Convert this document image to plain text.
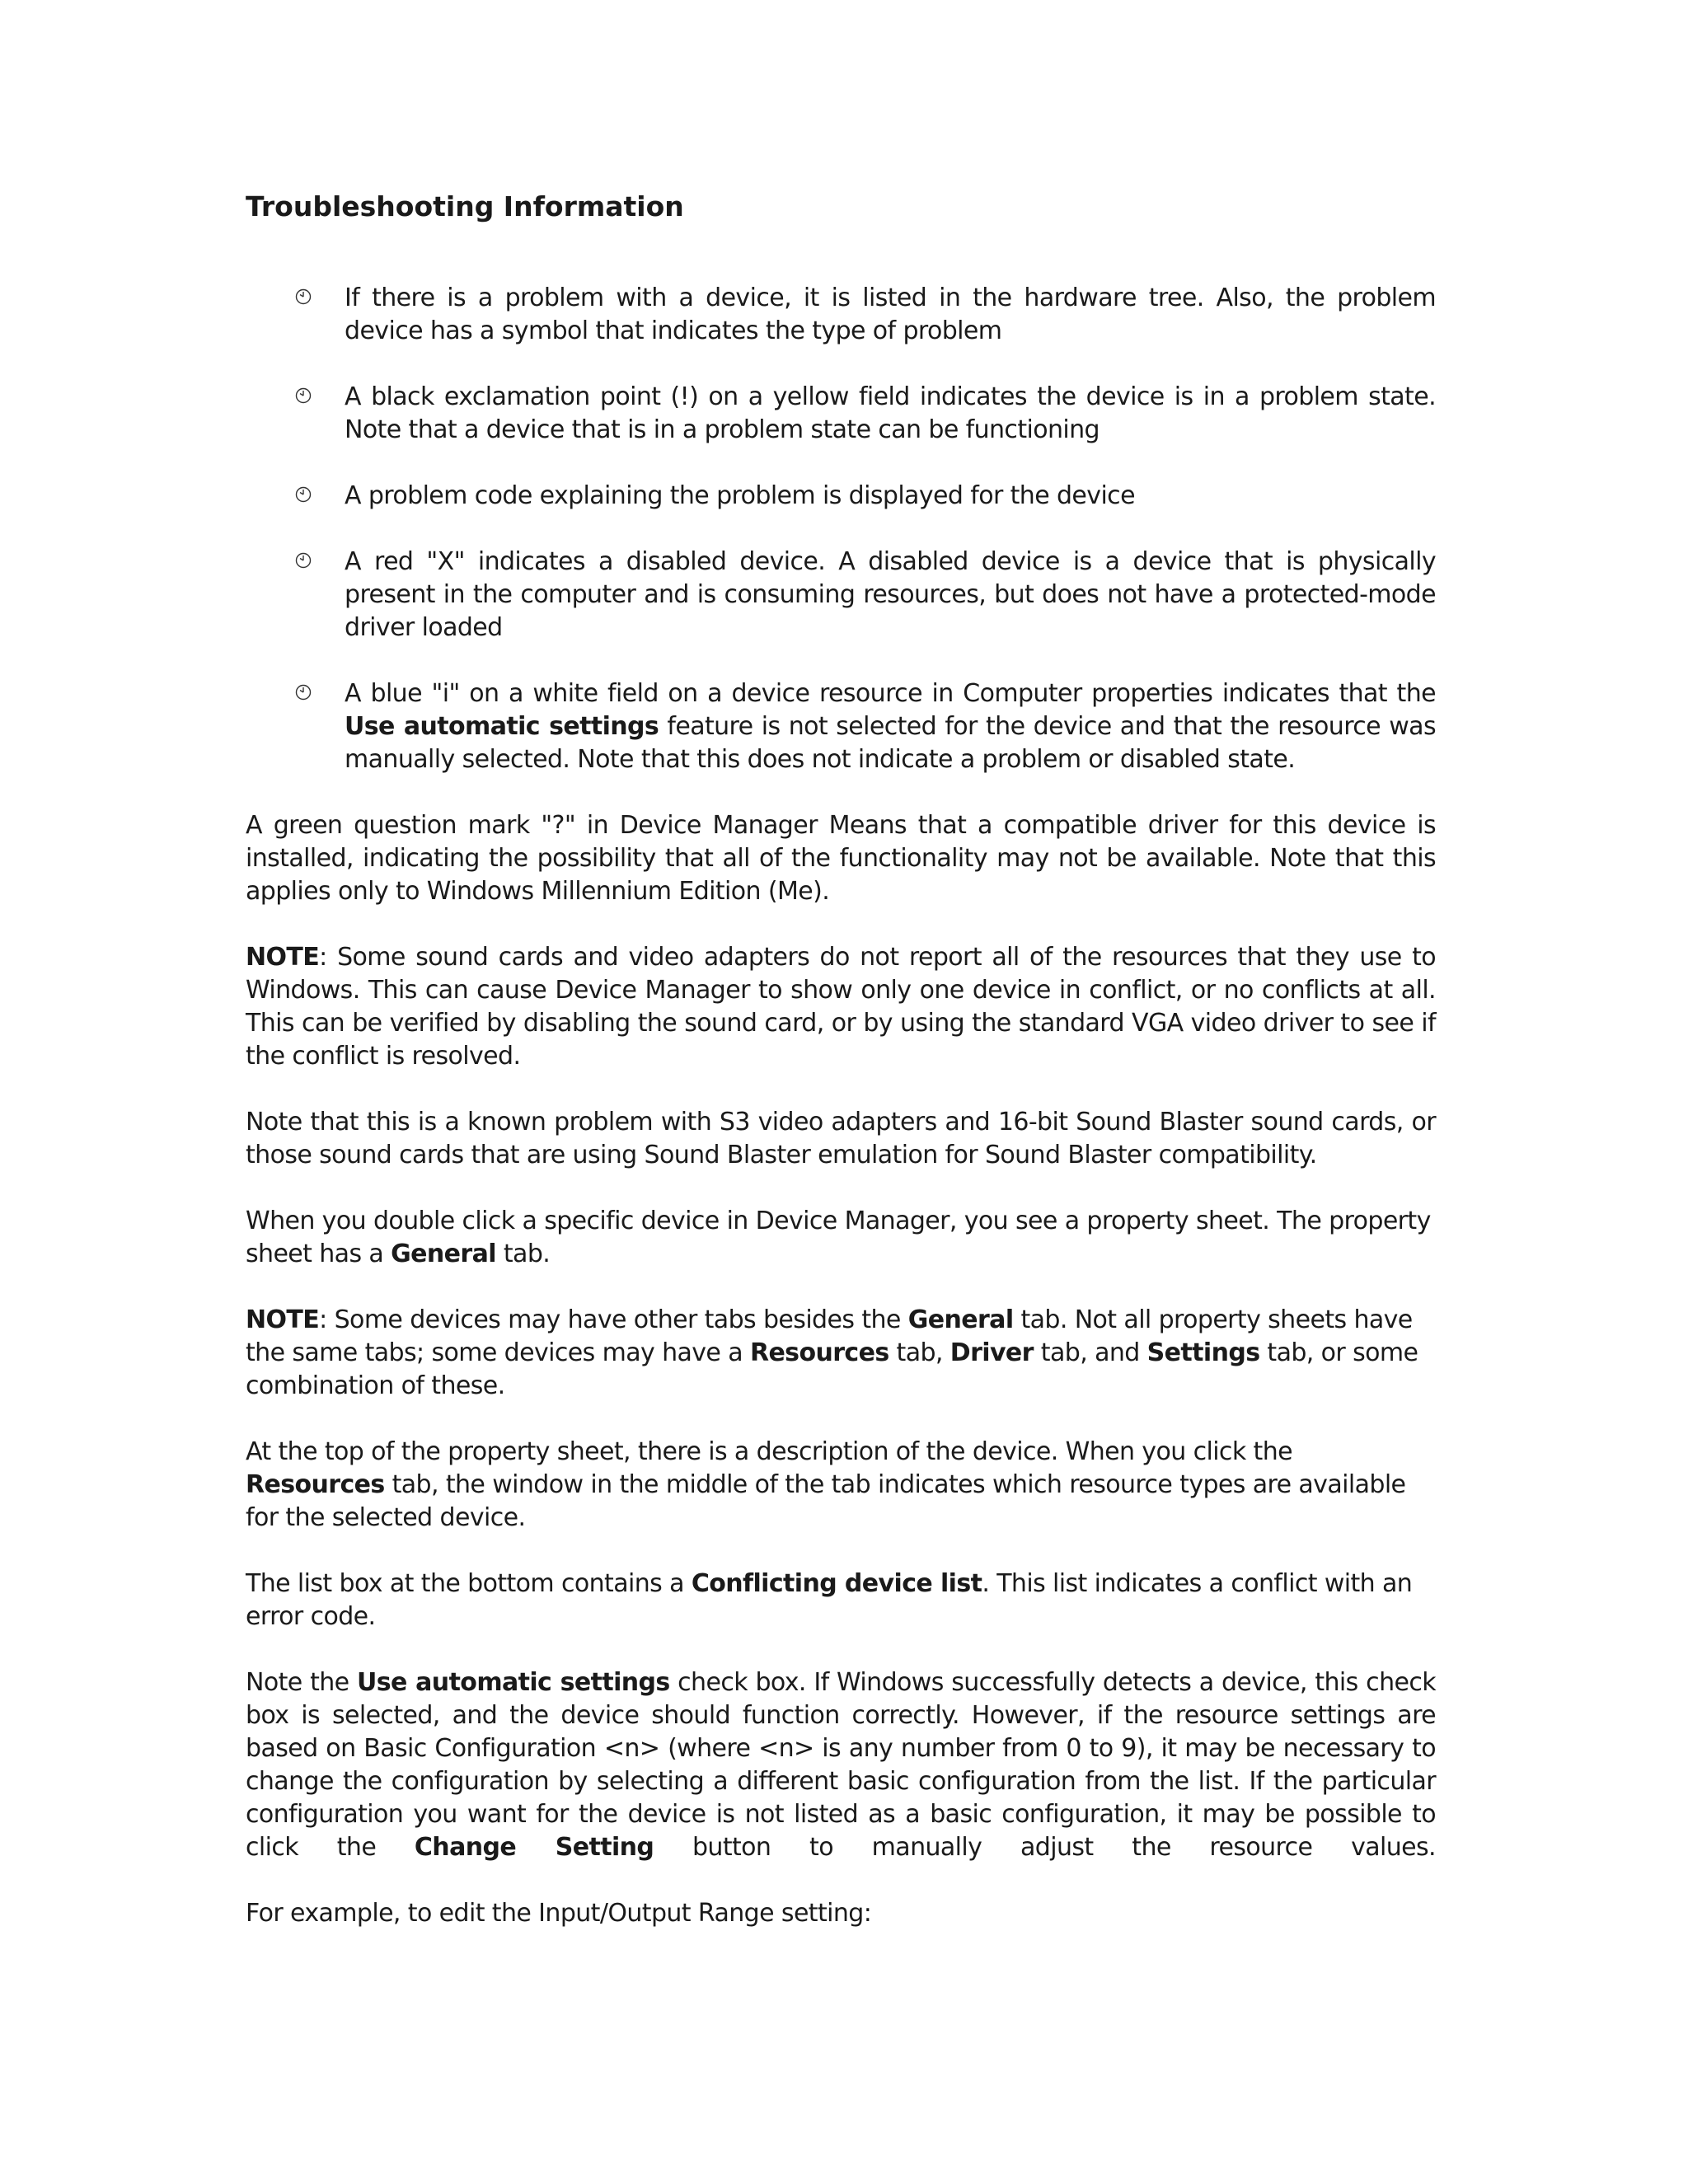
Troubleshooting Information
If there is a problem with a device, it is listed in the hardware tree. Also, the problem device has a symbol that indicates the type of problem
A black exclamation point (!) on a yellow field indicates the device is in a problem state. Note that a device that is in a problem state can be functioning
A problem code explaining the problem is displayed for the device
A red "X" indicates a disabled device. A disabled device is a device that is physically present in the computer and is consuming resources, but does not have a protected-mode driver loaded
A blue "i" on a white field on a device resource in Computer properties indicates that the Use automatic settings feature is not selected for the device and that the resource was manually selected. Note that this does not indicate a problem or disabled state.

A green question mark "?" in Device Manager Means that a compatible driver for this device is installed, indicating the possibility that all of the functionality may not be available. Note that this applies only to Windows Millennium Edition (Me).

NOTE: Some sound cards and video adapters do not report all of the resources that they use to Windows. This can cause Device Manager to show only one device in conflict, or no conflicts at all. This can be verified by disabling the sound card, or by using the standard VGA video driver to see if the conflict is resolved.

Note that this is a known problem with S3 video adapters and 16-bit Sound Blaster sound cards, or those sound cards that are using Sound Blaster emulation for Sound Blaster compatibility.

When you double click a specific device in Device Manager, you see a property sheet. The property sheet has a General tab.

NOTE: Some devices may have other tabs besides the General tab. Not all property sheets have the same tabs; some devices may have a Resources tab, Driver tab, and Settings tab, or some combination of these.

At the top of the property sheet, there is a description of the device. When you click the Resources tab, the window in the middle of the tab indicates which resource types are available for the selected device.

The list box at the bottom contains a Conflicting device list. This list indicates a conflict with an error code.

Note the Use automatic settings check box. If Windows successfully detects a device, this check box is selected, and the device should function correctly. However, if the resource settings are based on Basic Configuration <n> (where <n> is any number from 0 to 9), it may be necessary to change the configuration by selecting a different basic configuration from the list. If the particular configuration you want for the device is not listed as a basic configuration, it may be possible to click the Change Setting button to manually adjust the resource values.

For example, to edit the Input/Output Range setting:
